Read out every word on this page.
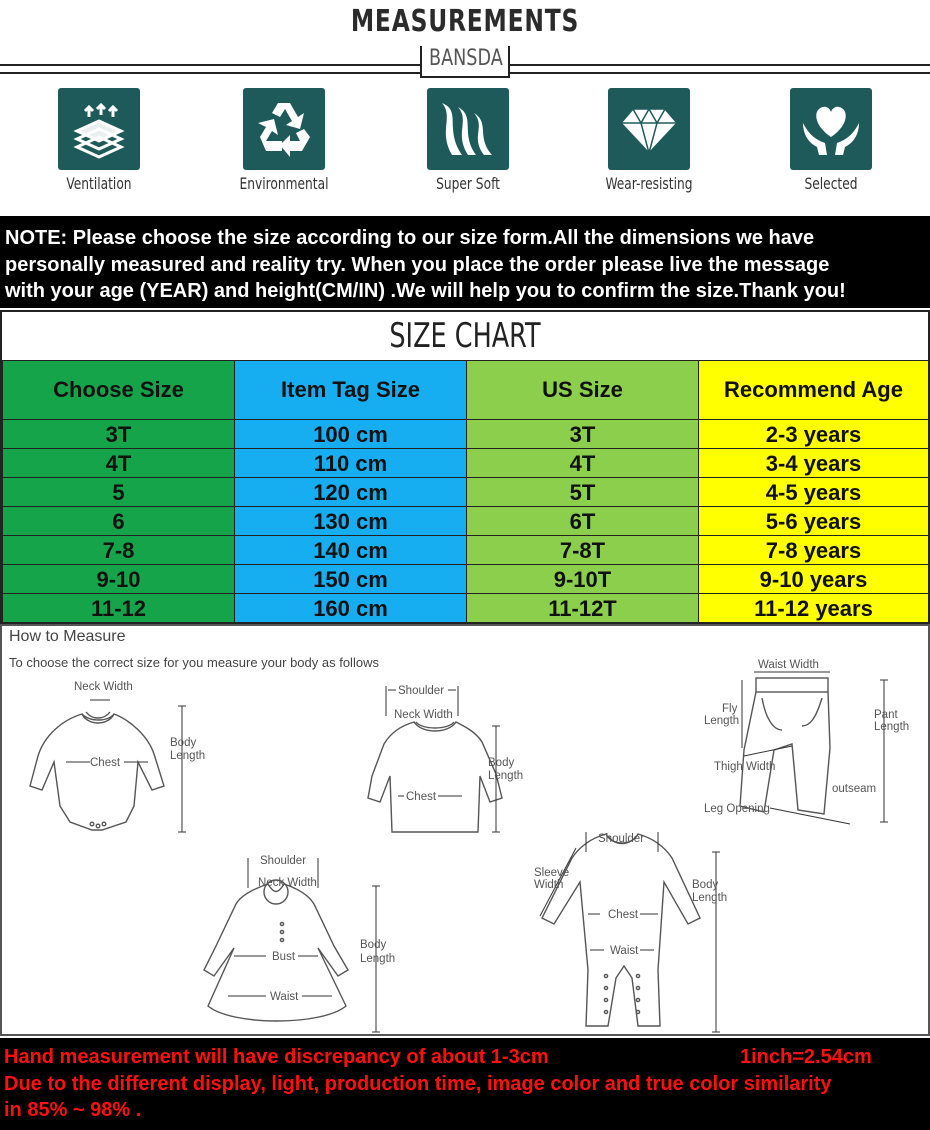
MEASUREMENTS
BANSDA
Ventilation	Environmental	Super Soft	Wear-resisting	Selected
NOTE: Please choose the size according to our size form.All the dimensions we have
personally measured and reality try. When you place the order please live the message
with your age (YEAR) and height(CM/IN) .We will help you to confirm the size.Thank you!
SIZE CHART
Choose Size	Item Tag Size	US Size	Recommend Age
3T	100 cm	3T	2-3 years
4T	110 cm	4T	3-4 years
5	120 cm	5T	4-5 years
6	130 cm	6T	5-6 years
7-8	140 cm	7-8T	7-8 years
9-10	150 cm	9-10T	9-10 years
11-12	160 cm	11-12T	11-12 years
Neck Width
Chest
Body
Length
Shoulder
Neck Width
Chest
Body
Length
Waist Width
Fly
Length	Pant
Length
Thigh Width
outseam
Leg Opening
Shoulder
Neck Width
Bust
Waist
Body
Length
Shoulder
Sleeve
Width
Chest
Waist
Body
Length
How to Measure
To choose the correct size for you measure your body as follows
Hand measurement will have discrepancy of about 1-3cm
Due to the different display, light, production time, image color and true color similarity
in 85% ~ 98% .
1inch=2.54cm
